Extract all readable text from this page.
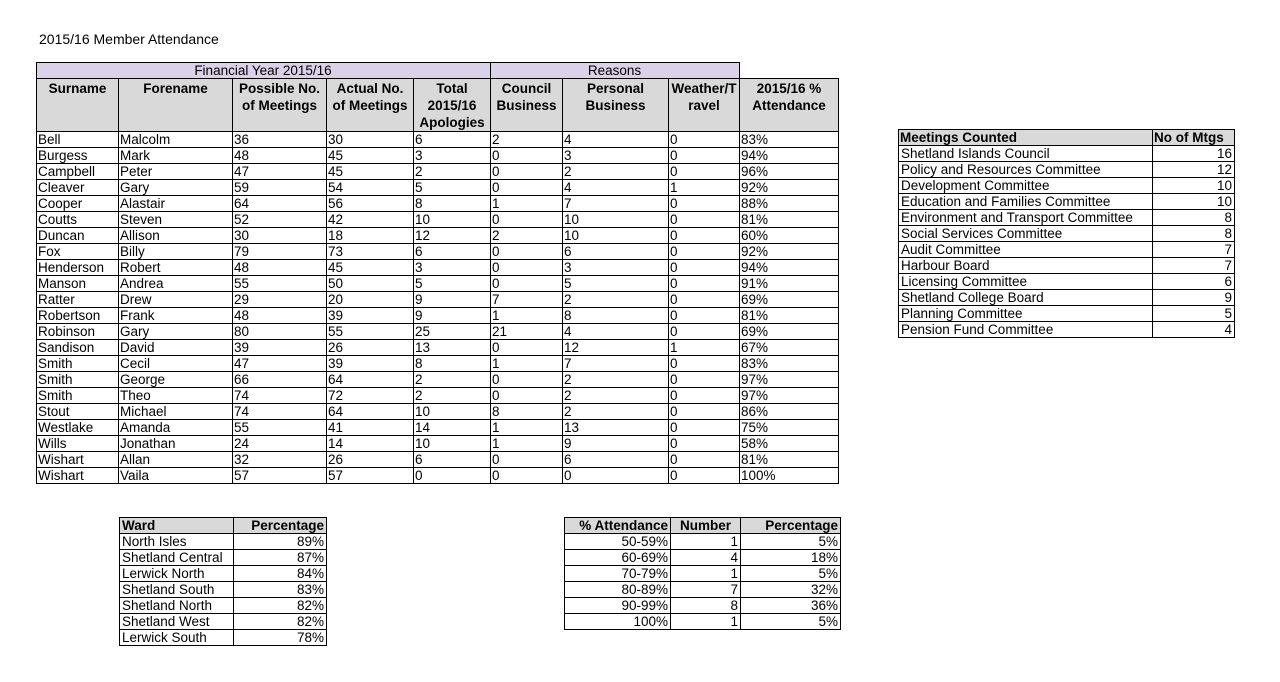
2015/16 Member Attendance
Financial Year 2015/16					Reasons			
Surname	Forename	Possible No. of Meetings	Actual No. of Meetings	Total 2015/16 Apologies	Council Business	Personal Business	Weather/T ravel	2015/16 % Attendance
Bell	Malcolm	36	30	6	2	4	0	83%
Burgess	Mark	48	45	3	0	3	0	94%
Campbell	Peter	47	45	2	0	2	0	96%
Cleaver	Gary	59	54	5	0	4	1	92%
Cooper	Alastair	64	56	8	1	7	0	88%
Coutts	Steven	52	42	10	0	10	0	81%
Duncan	Allison	30	18	12	2	10	0	60%
Fox	Billy	79	73	6	0	6	0	92%
Henderson	Robert	48	45	3	0	3	0	94%
Manson	Andrea	55	50	5	0	5	0	91%
Ratter	Drew	29	20	9	7	2	0	69%
Robertson	Frank	48	39	9	1	8	0	81%
Robinson	Gary	80	55	25	21	4	0	69%
Sandison	David	39	26	13	0	12	1	67%
Smith	Cecil	47	39	8	1	7	0	83%
Smith	George	66	64	2	0	2	0	97%
Smith	Theo	74	72	2	0	2	0	97%
Stout	Michael	74	64	10	8	2	0	86%
Westlake	Amanda	55	41	14	1	13	0	75%
Wills	Jonathan	24	14	10	1	9	0	58%
Wishart	Allan	32	26	6	0	6	0	81%
Wishart	Vaila	57	57	0	0	0	0	100%
Meetings Counted	No of Mtgs
Shetland Islands Council	16
Policy and Resources Committee	12
Development Committee	10
Education and Families Committee	10
Environment and Transport Committee	8
Social Services Committee	8
Audit Committee	7
Harbour Board	7
Licensing Committee	6
Shetland College Board	9
Planning Committee	5
Pension Fund Committee	4
Ward	Percentage
North Isles	89%
Shetland Central	87%
Lerwick North	84%
Shetland South	83%
Shetland North	82%
Shetland West	82%
Lerwick South	78%
% Attendance	Number	Percentage
50-59%	1	5%
60-69%	4	18%
70-79%	1	5%
80-89%	7	32%
90-99%	8	36%
100%	1	5%
